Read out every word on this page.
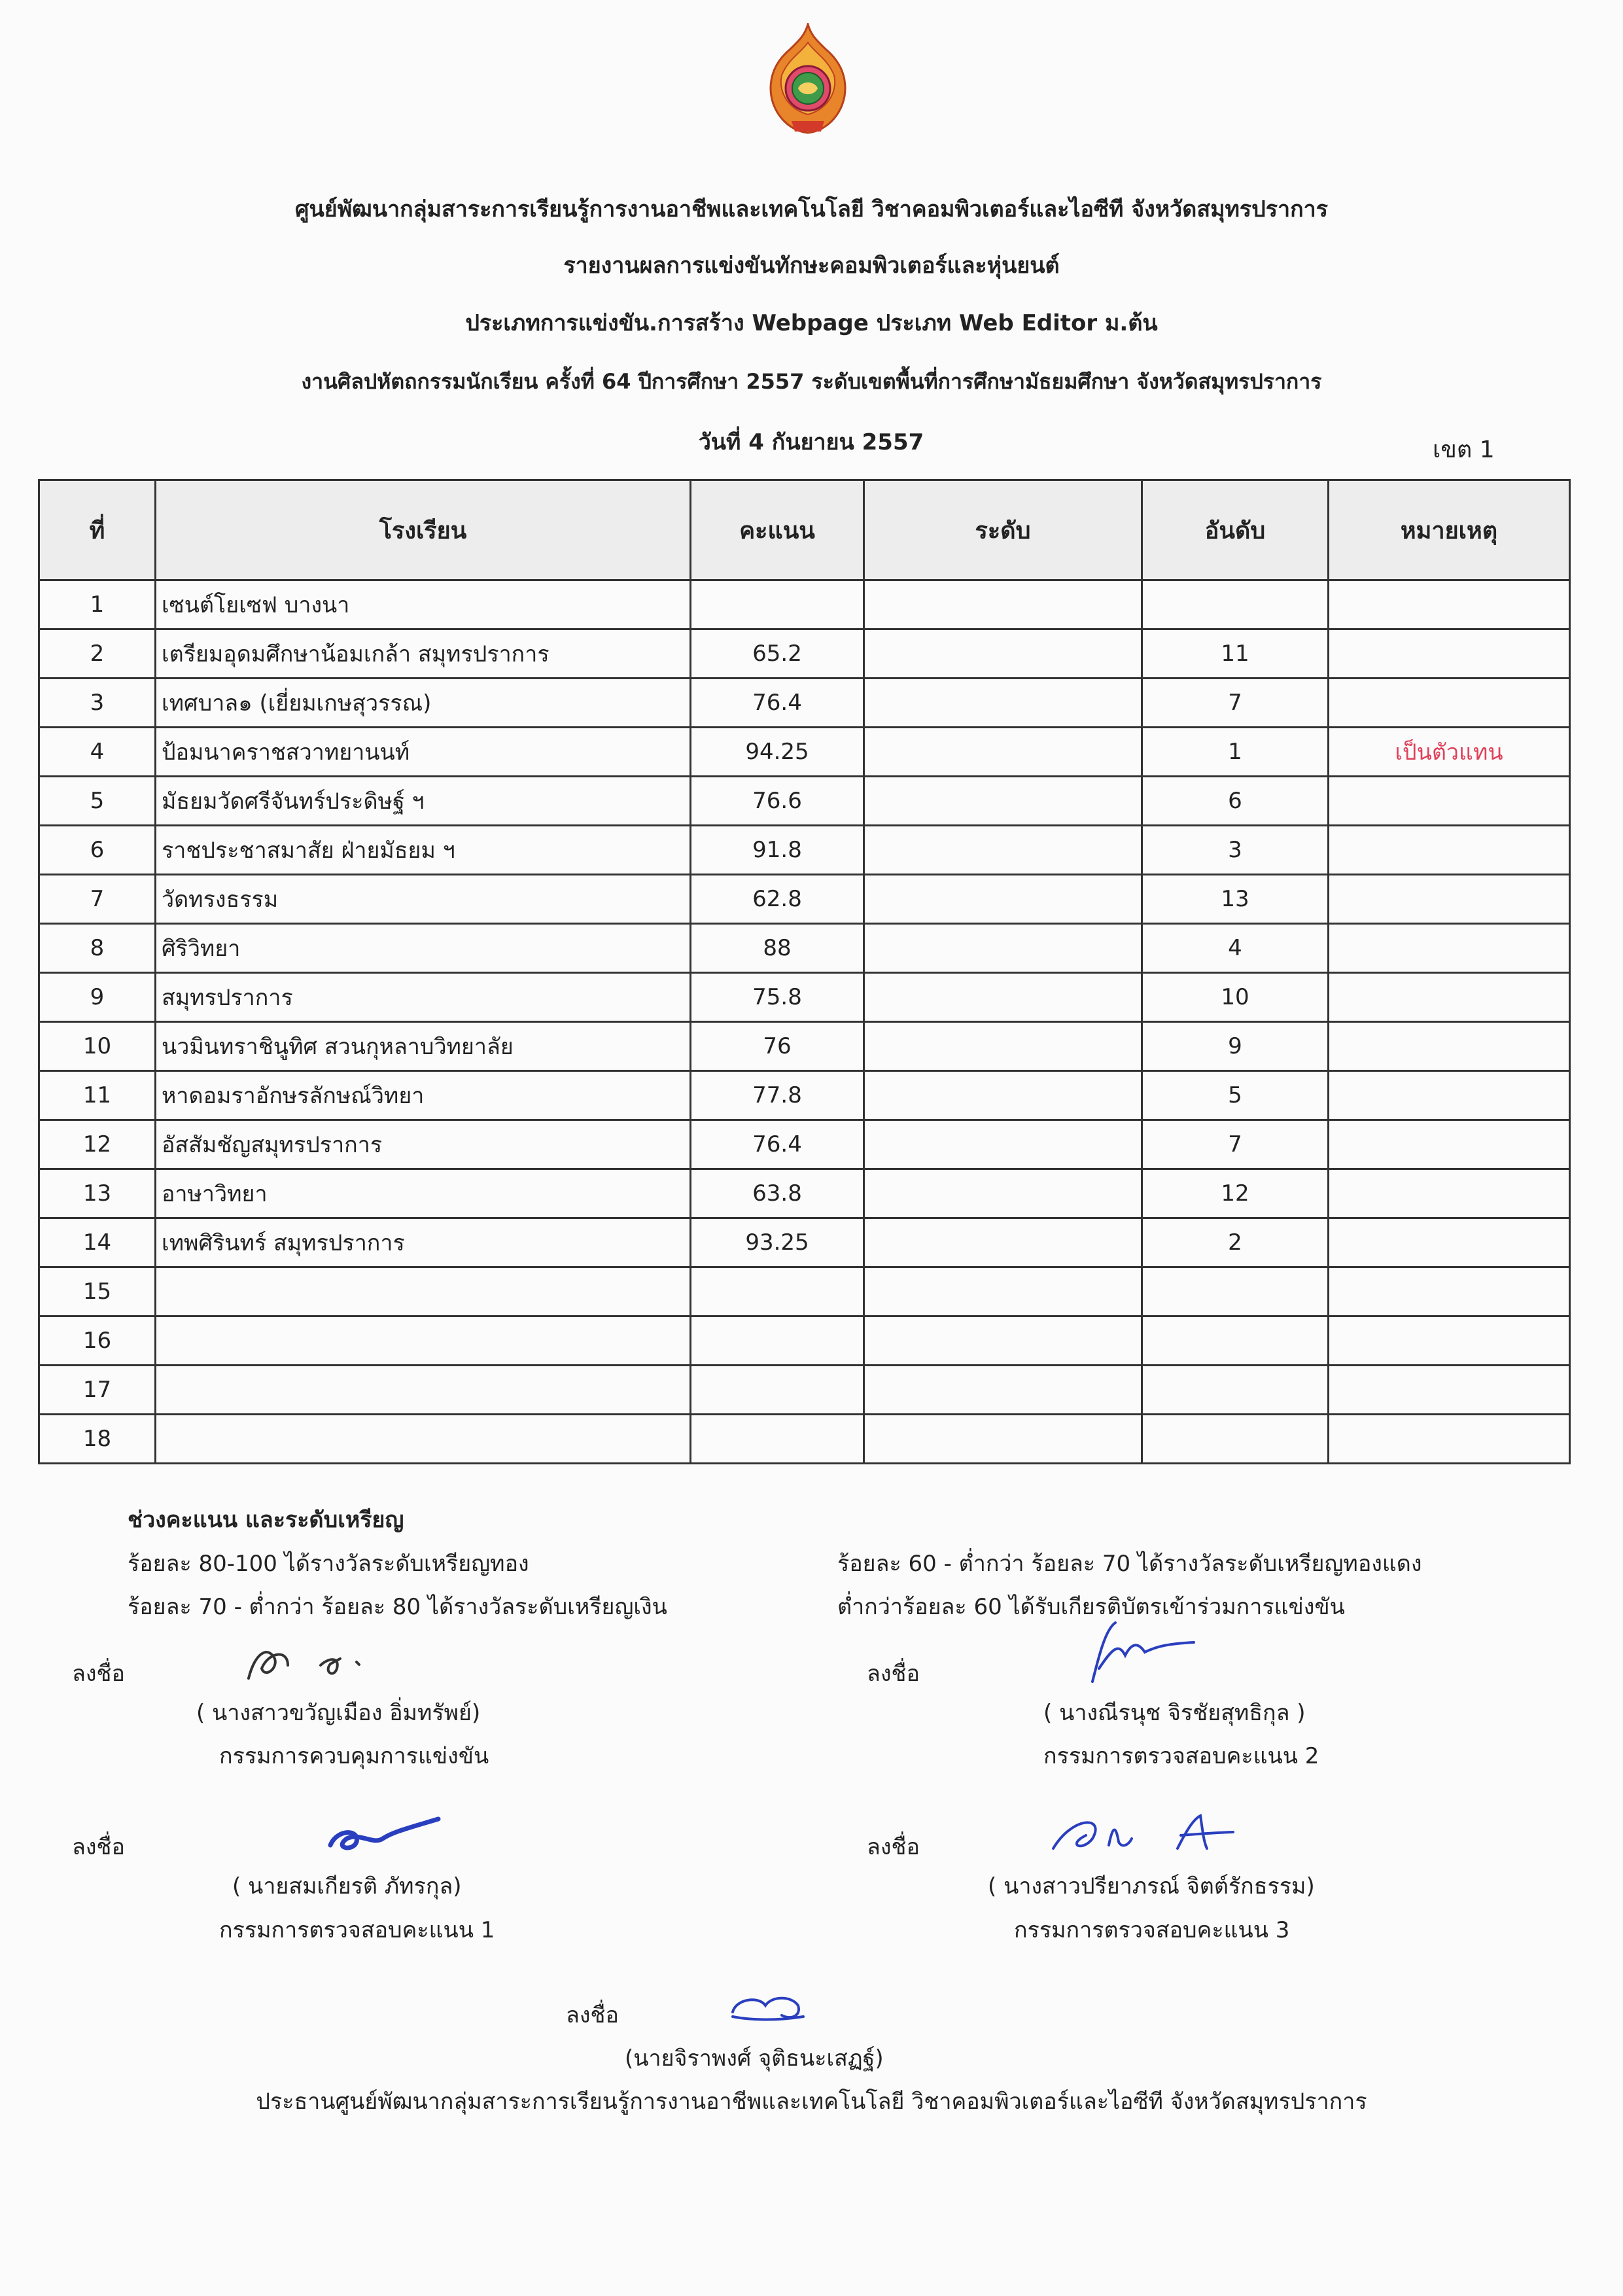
ศูนย์พัฒนากลุ่มสาระการเรียนรู้การงานอาชีพและเทคโนโลยี วิชาคอมพิวเตอร์และไอซีที จังหวัดสมุทรปราการ
รายงานผลการแข่งขันทักษะคอมพิวเตอร์และหุ่นยนต์
ประเภทการแข่งขัน.การสร้าง Webpage ประเภท Web Editor ม.ต้น
งานศิลปหัตถกรรมนักเรียน ครั้งที่ 64 ปีการศึกษา 2557 ระดับเขตพื้นที่การศึกษามัธยมศึกษา จังหวัดสมุทรปราการ
วันที่ 4 กันยายน 2557	เขต 1
ที่	โรงเรียน	คะแนน	ระดับ	อันดับ	หมายเหตุ
1	เซนต์โยเซฟ บางนา				
2	เตรียมอุดมศึกษาน้อมเกล้า สมุทรปราการ	65.2		11	
3	เทศบาล๑ (เยี่ยมเกษสุวรรณ)	76.4		7	
4	ป้อมนาคราชสวาทยานนท์	94.25		1	เป็นตัวแทน
5	มัธยมวัดศรีจันทร์ประดิษฐ์ ฯ	76.6		6	
6	ราชประชาสมาสัย ฝ่ายมัธยม ฯ	91.8		3	
7	วัดทรงธรรม	62.8		13	
8	ศิริวิทยา	88		4	
9	สมุทรปราการ	75.8		10	
10	นวมินทราชินูทิศ สวนกุหลาบวิทยาลัย	76		9	
11	หาดอมราอักษรลักษณ์วิทยา	77.8		5	
12	อัสสัมชัญสมุทรปราการ	76.4		7	
13	อาษาวิทยา	63.8		12	
14	เทพศิรินทร์ สมุทรปราการ	93.25		2	
15					
16					
17					
18					
ช่วงคะแนน และระดับเหรียญ
ร้อยละ 80-100 ได้รางวัลระดับเหรียญทอง
ร้อยละ 70 - ต่ำกว่า ร้อยละ 80 ได้รางวัลระดับเหรียญเงิน
ร้อยละ 60 - ต่ำกว่า ร้อยละ 70 ได้รางวัลระดับเหรียญทองแดง
ต่ำกว่าร้อยละ 60 ได้รับเกียรติบัตรเข้าร่วมการแข่งขัน
ลงชื่อ
( นางสาวขวัญเมือง อิ่มทรัพย์)
กรรมการควบคุมการแข่งขัน
ลงชื่อ
( นางณีรนุช จิรชัยสุทธิกุล )
กรรมการตรวจสอบคะแนน 2
ลงชื่อ
( นายสมเกียรติ ภัทรกุล)
กรรมการตรวจสอบคะแนน 1
ลงชื่อ
( นางสาวปรียาภรณ์ จิตต์รักธรรม)
กรรมการตรวจสอบคะแนน 3
ลงชื่อ
(นายจิราพงศ์ จุติธนะเสฏฐ์)
ประธานศูนย์พัฒนากลุ่มสาระการเรียนรู้การงานอาชีพและเทคโนโลยี วิชาคอมพิวเตอร์และไอซีที จังหวัดสมุทรปราการ
